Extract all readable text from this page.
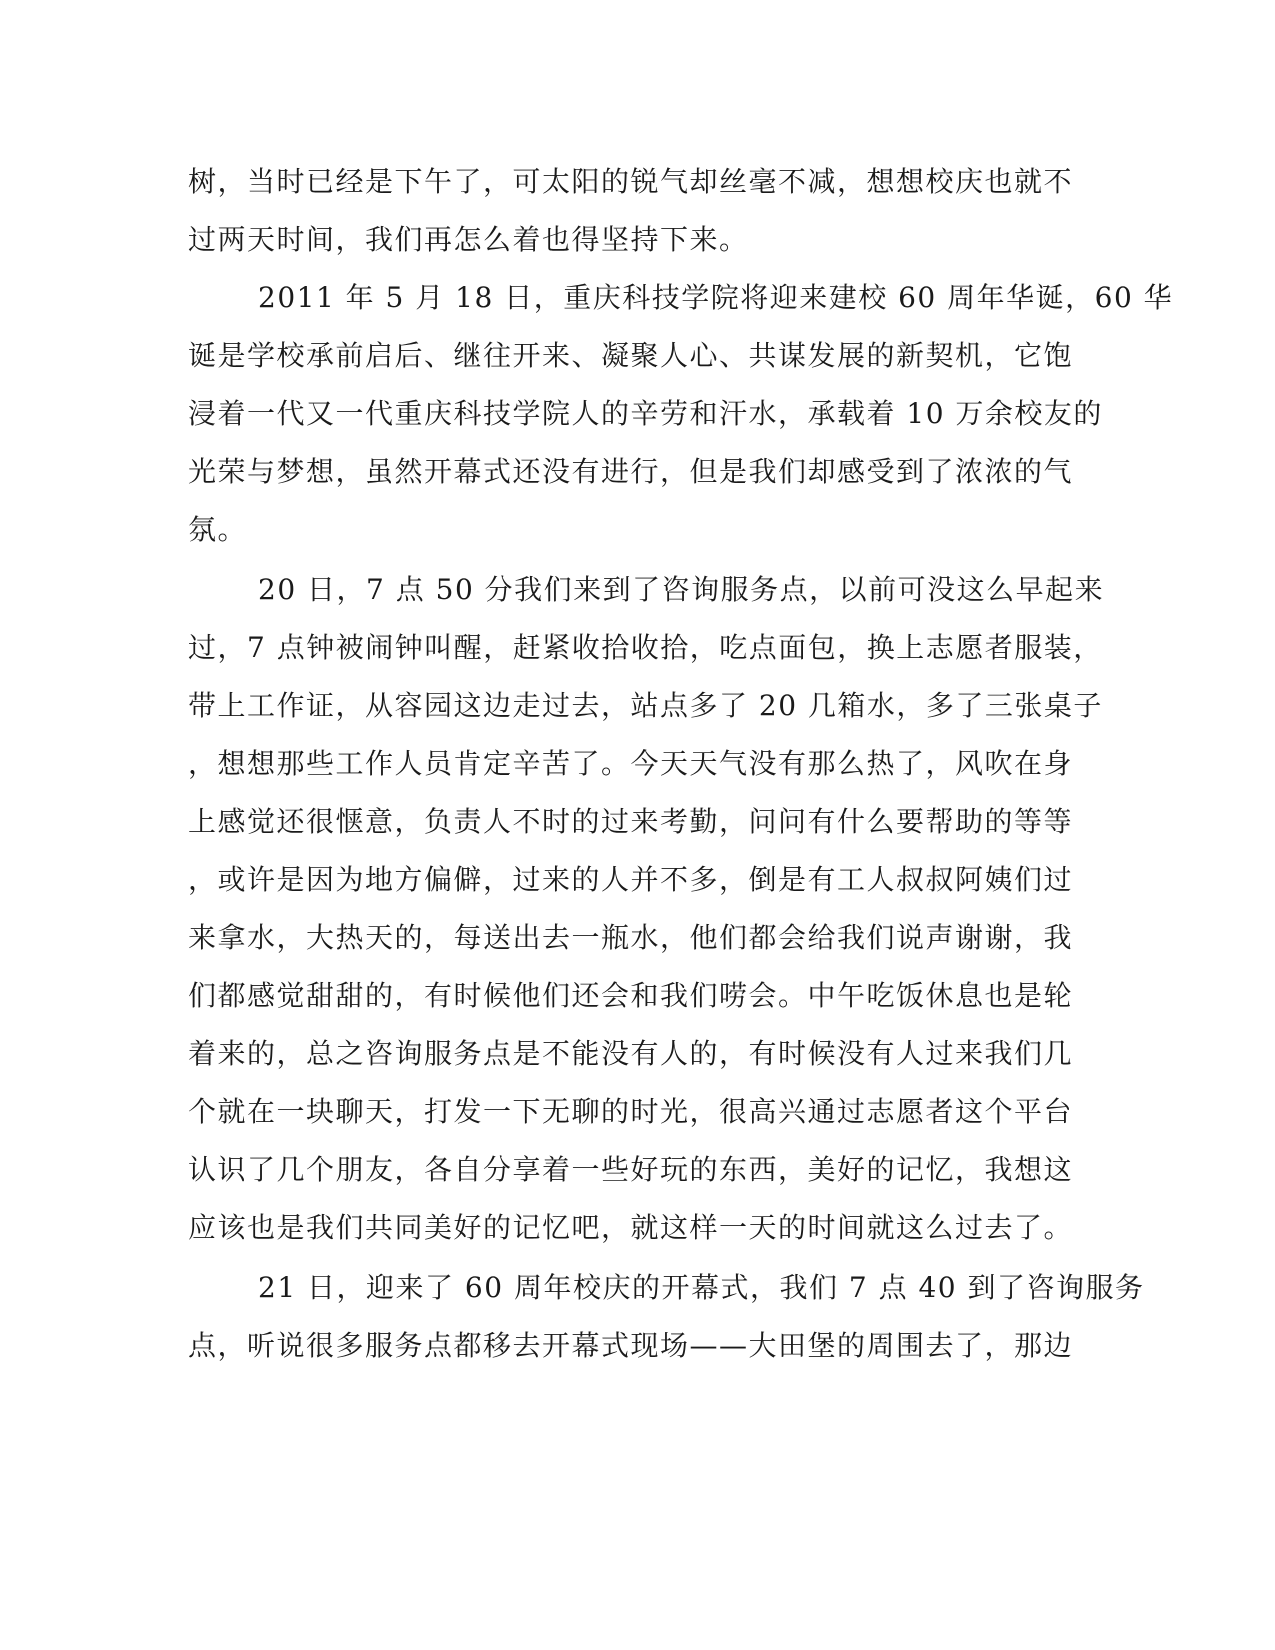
树，当时已经是下午了，可太阳的锐气却丝毫不减，想想校庆也就不
过两天时间，我们再怎么着也得坚持下来。
2011 年 5 月 18 日，重庆科技学院将迎来建校 60 周年华诞，60 华
诞是学校承前启后、继往开来、凝聚人心、共谋发展的新契机，它饱
浸着一代又一代重庆科技学院人的辛劳和汗水，承载着 10 万余校友的
光荣与梦想，虽然开幕式还没有进行，但是我们却感受到了浓浓的气
氛。
20 日，7 点 50 分我们来到了咨询服务点，以前可没这么早起来
过，7 点钟被闹钟叫醒，赶紧收拾收拾，吃点面包，换上志愿者服装，
带上工作证，从容园这边走过去，站点多了 20 几箱水，多了三张桌子
，想想那些工作人员肯定辛苦了。今天天气没有那么热了，风吹在身
上感觉还很惬意，负责人不时的过来考勤，问问有什么要帮助的等等
，或许是因为地方偏僻，过来的人并不多，倒是有工人叔叔阿姨们过
来拿水，大热天的，每送出去一瓶水，他们都会给我们说声谢谢，我
们都感觉甜甜的，有时候他们还会和我们唠会。中午吃饭休息也是轮
着来的，总之咨询服务点是不能没有人的，有时候没有人过来我们几
个就在一块聊天，打发一下无聊的时光，很高兴通过志愿者这个平台
认识了几个朋友，各自分享着一些好玩的东西，美好的记忆，我想这
应该也是我们共同美好的记忆吧，就这样一天的时间就这么过去了。
21 日，迎来了 60 周年校庆的开幕式，我们 7 点 40 到了咨询服务
点，听说很多服务点都移去开幕式现场——大田堡的周围去了，那边
